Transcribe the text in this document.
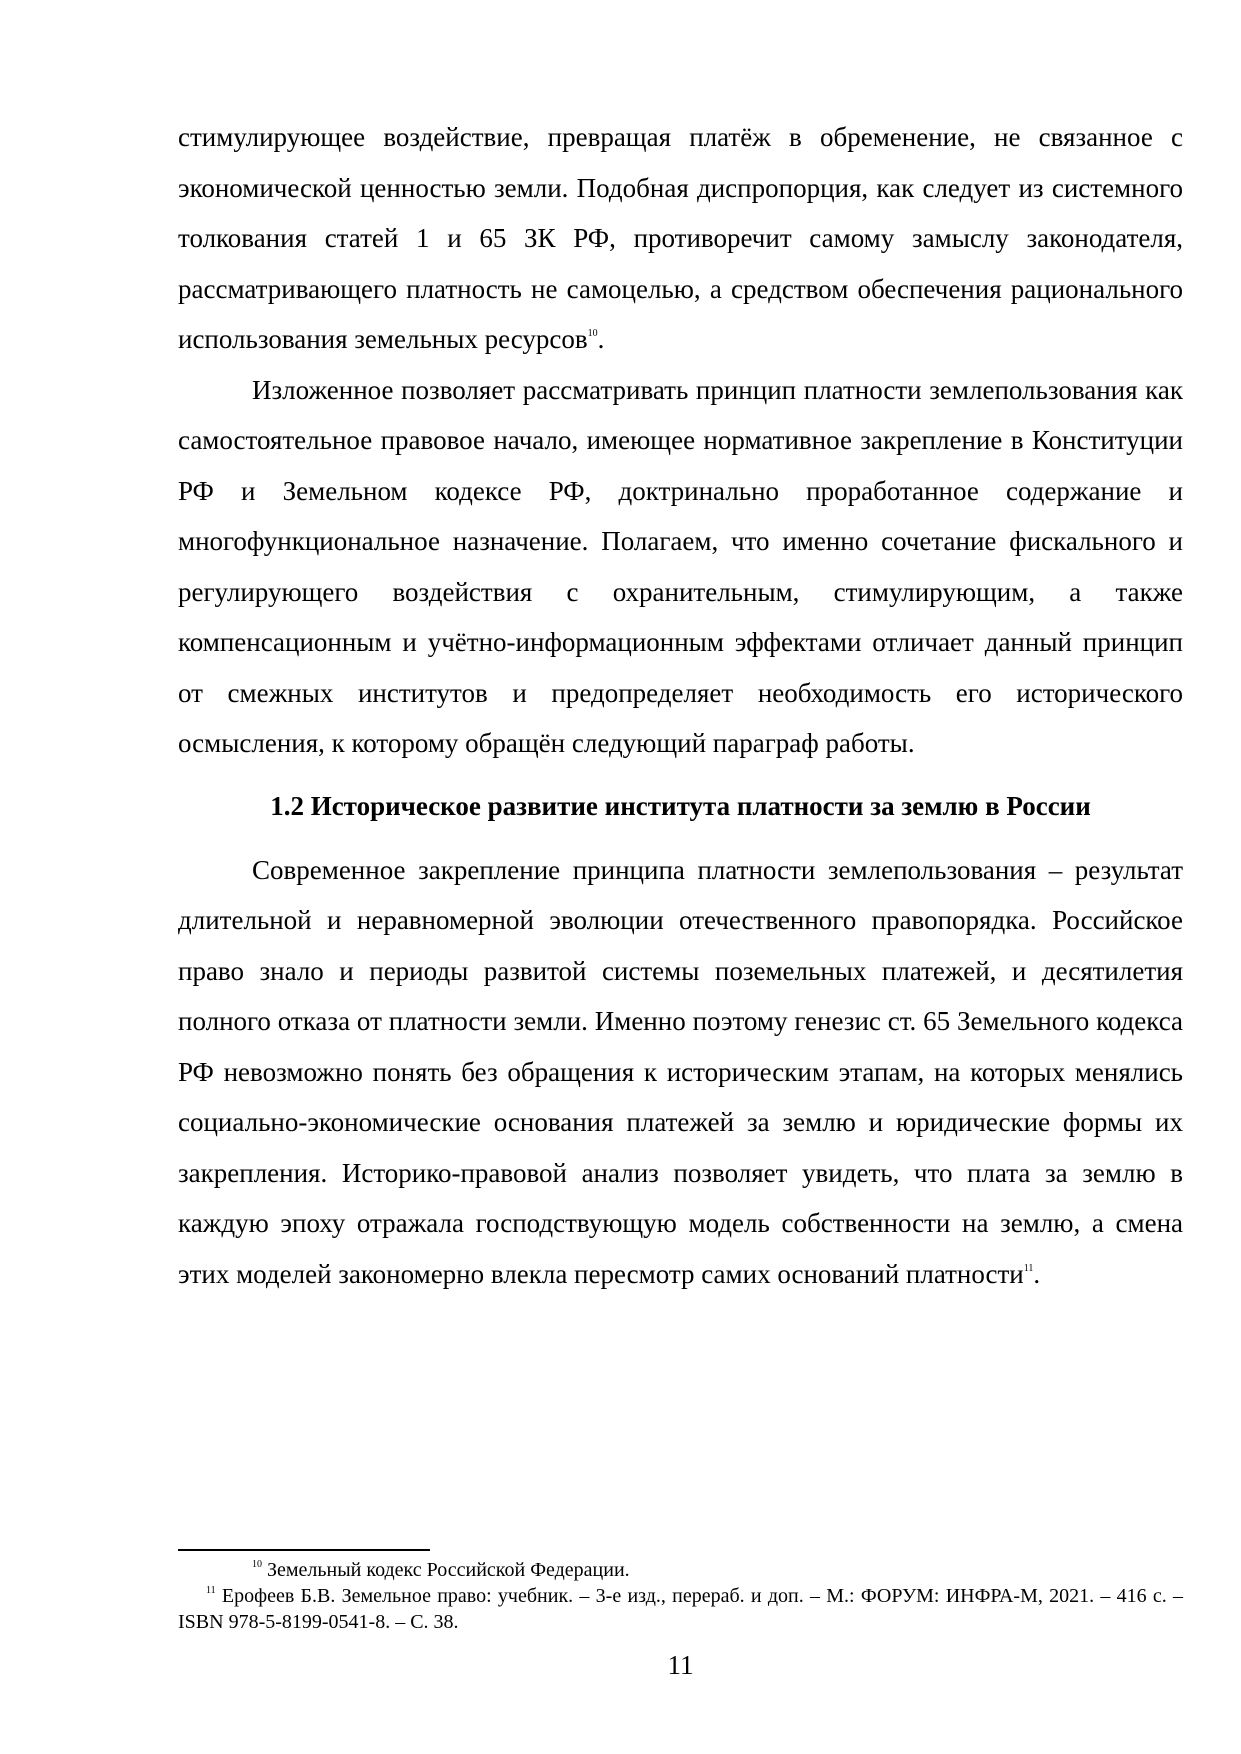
стимулирующее воздействие, превращая платёж в обременение, не связанное с экономической ценностью земли. Подобная диспропорция, как следует из системного толкования статей 1 и 65 ЗК РФ, противоречит самому замыслу законодателя, рассматривающего платность не самоцелью, а средством обеспечения рационального использования земельных ресурсов$^{10}$.

Изложенное позволяет рассматривать принцип платности землепользования как самостоятельное правовое начало, имеющее нормативное закрепление в Конституции РФ и Земельном кодексе РФ, доктринально проработанное содержание и многофункциональное назначение. Полагаем, что именно сочетание фискального и регулирующего воздействия с охранительным, стимулирующим, а также компенсационным и учётно-информационным эффектами отличает данный принцип от смежных институтов и предопределяет необходимость его исторического осмысления, к которому обращён следующий параграф работы.

1.2 Историческое развитие института платности за землю в России

Современное закрепление принципа платности землепользования – результат длительной и неравномерной эволюции отечественного правопорядка. Российское право знало и периоды развитой системы поземельных платежей, и десятилетия полного отказа от платности земли. Именно поэтому генезис ст. 65 Земельного кодекса РФ невозможно понять без обращения к историческим этапам, на которых менялись социально-экономические основания платежей за землю и юридические формы их закрепления. Историко-правовой анализ позволяет увидеть, что плата за землю в каждую эпоху отражала господствующую модель собственности на землю, а смена этих моделей закономерно влекла пересмотр самих оснований платности$^{11}$.

$^{10}$ Земельный кодекс Российской Федерации.

$^{11}$ Ерофеев Б.В. Земельное право: учебник. – 3-е изд., перераб. и доп. – М.: ФОРУМ: ИНФРА-М, 2021. – 416 с. – ISBN 978-5-8199-0541-8. – С. 38.

11
